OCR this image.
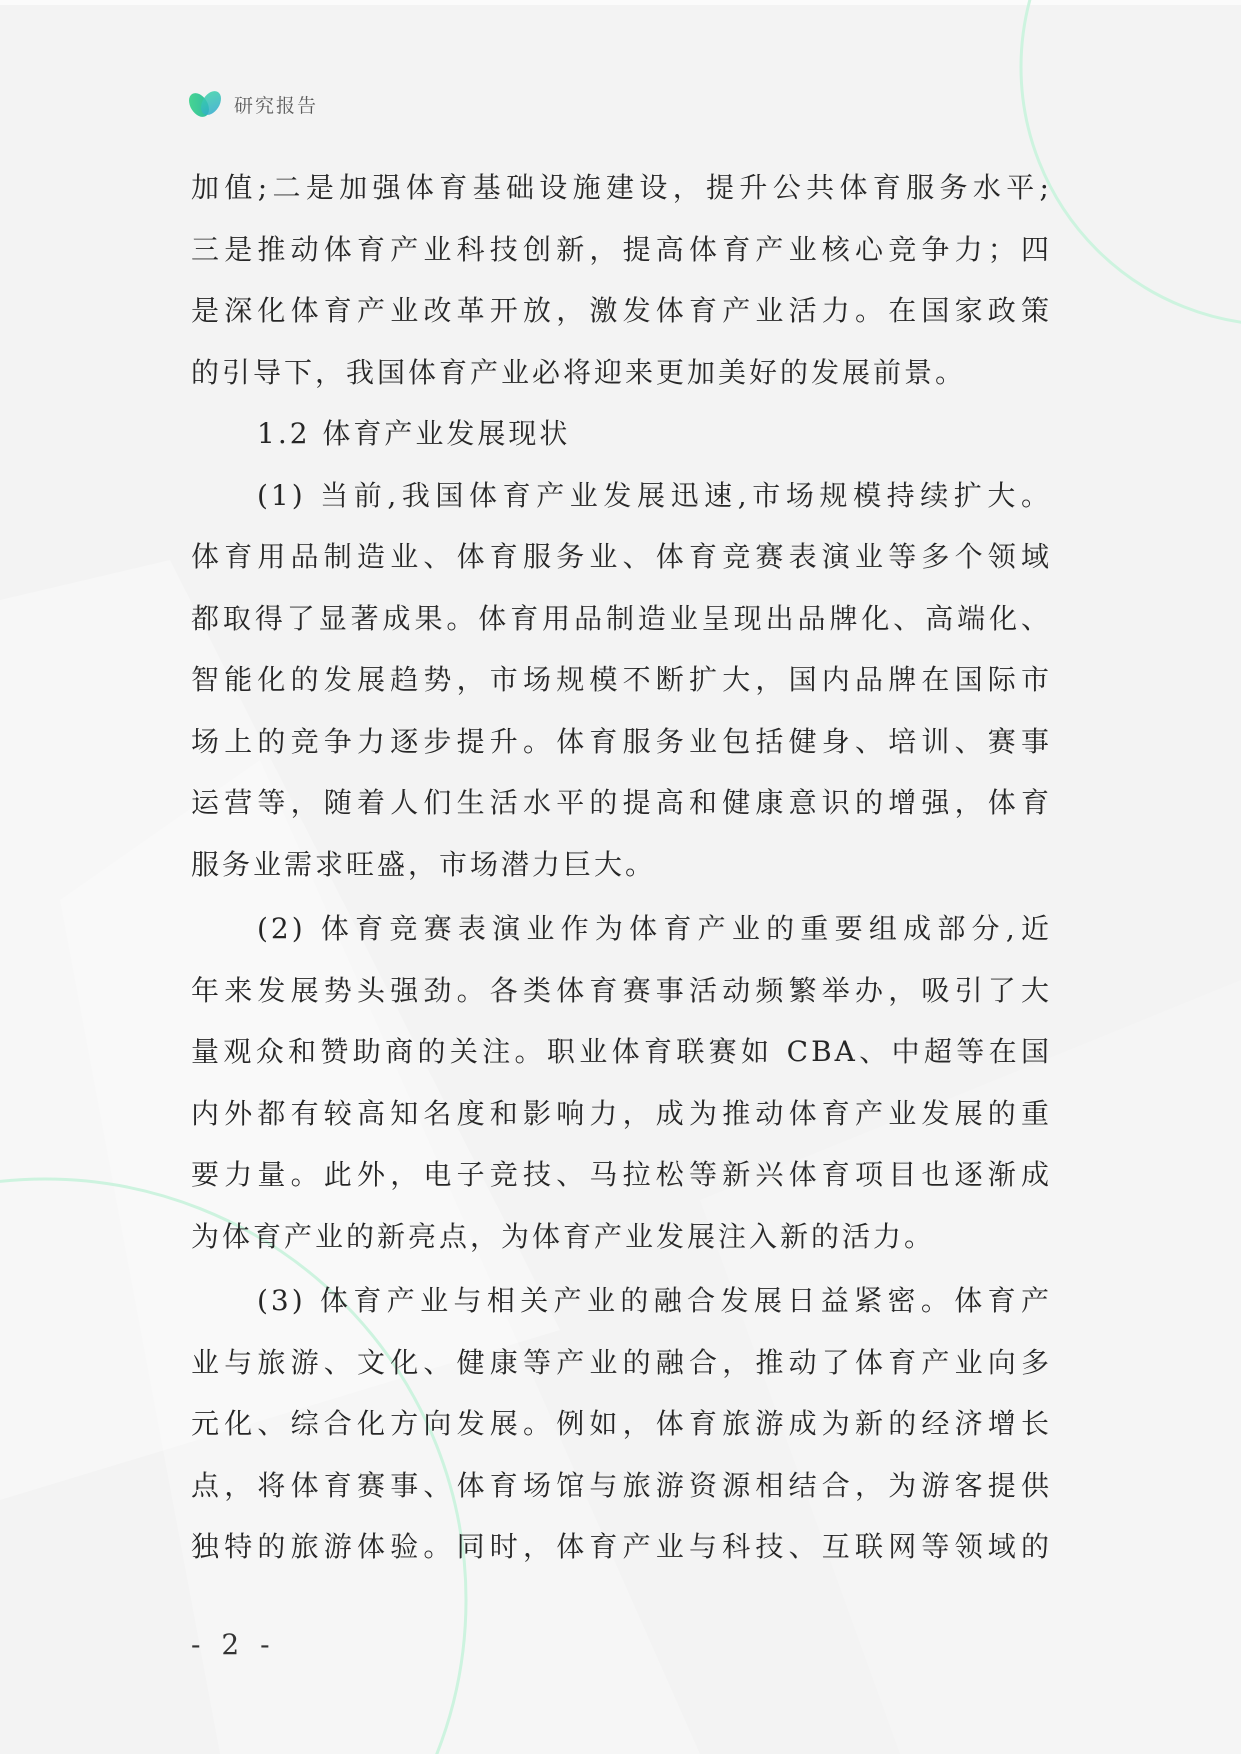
研究报告
加值;二是加强体育基础设施建设，提升公共体育服务水平;
三是推动体育产业科技创新，提高体育产业核心竞争力；四
是深化体育产业改革开放，激发体育产业活力。在国家政策
的引导下，我国体育产业必将迎来更加美好的发展前景。
1.2 体育产业发展现状
(1) 当前,我国体育产业发展迅速,市场规模持续扩大。
体育用品制造业、体育服务业、体育竞赛表演业等多个领域
都取得了显著成果。体育用品制造业呈现出品牌化、高端化、
智能化的发展趋势，市场规模不断扩大，国内品牌在国际市
场上的竞争力逐步提升。体育服务业包括健身、培训、赛事
运营等，随着人们生活水平的提高和健康意识的增强，体育
服务业需求旺盛，市场潜力巨大。
(2) 体育竞赛表演业作为体育产业的重要组成部分,近
年来发展势头强劲。各类体育赛事活动频繁举办，吸引了大
量观众和赞助商的关注。职业体育联赛如 CBA、中超等在国
内外都有较高知名度和影响力，成为推动体育产业发展的重
要力量。此外，电子竞技、马拉松等新兴体育项目也逐渐成
为体育产业的新亮点，为体育产业发展注入新的活力。
(3) 体育产业与相关产业的融合发展日益紧密。体育产
业与旅游、文化、健康等产业的融合，推动了体育产业向多
元化、综合化方向发展。例如，体育旅游成为新的经济增长
点，将体育赛事、体育场馆与旅游资源相结合，为游客提供
独特的旅游体验。同时，体育产业与科技、互联网等领域的
- 2 -
